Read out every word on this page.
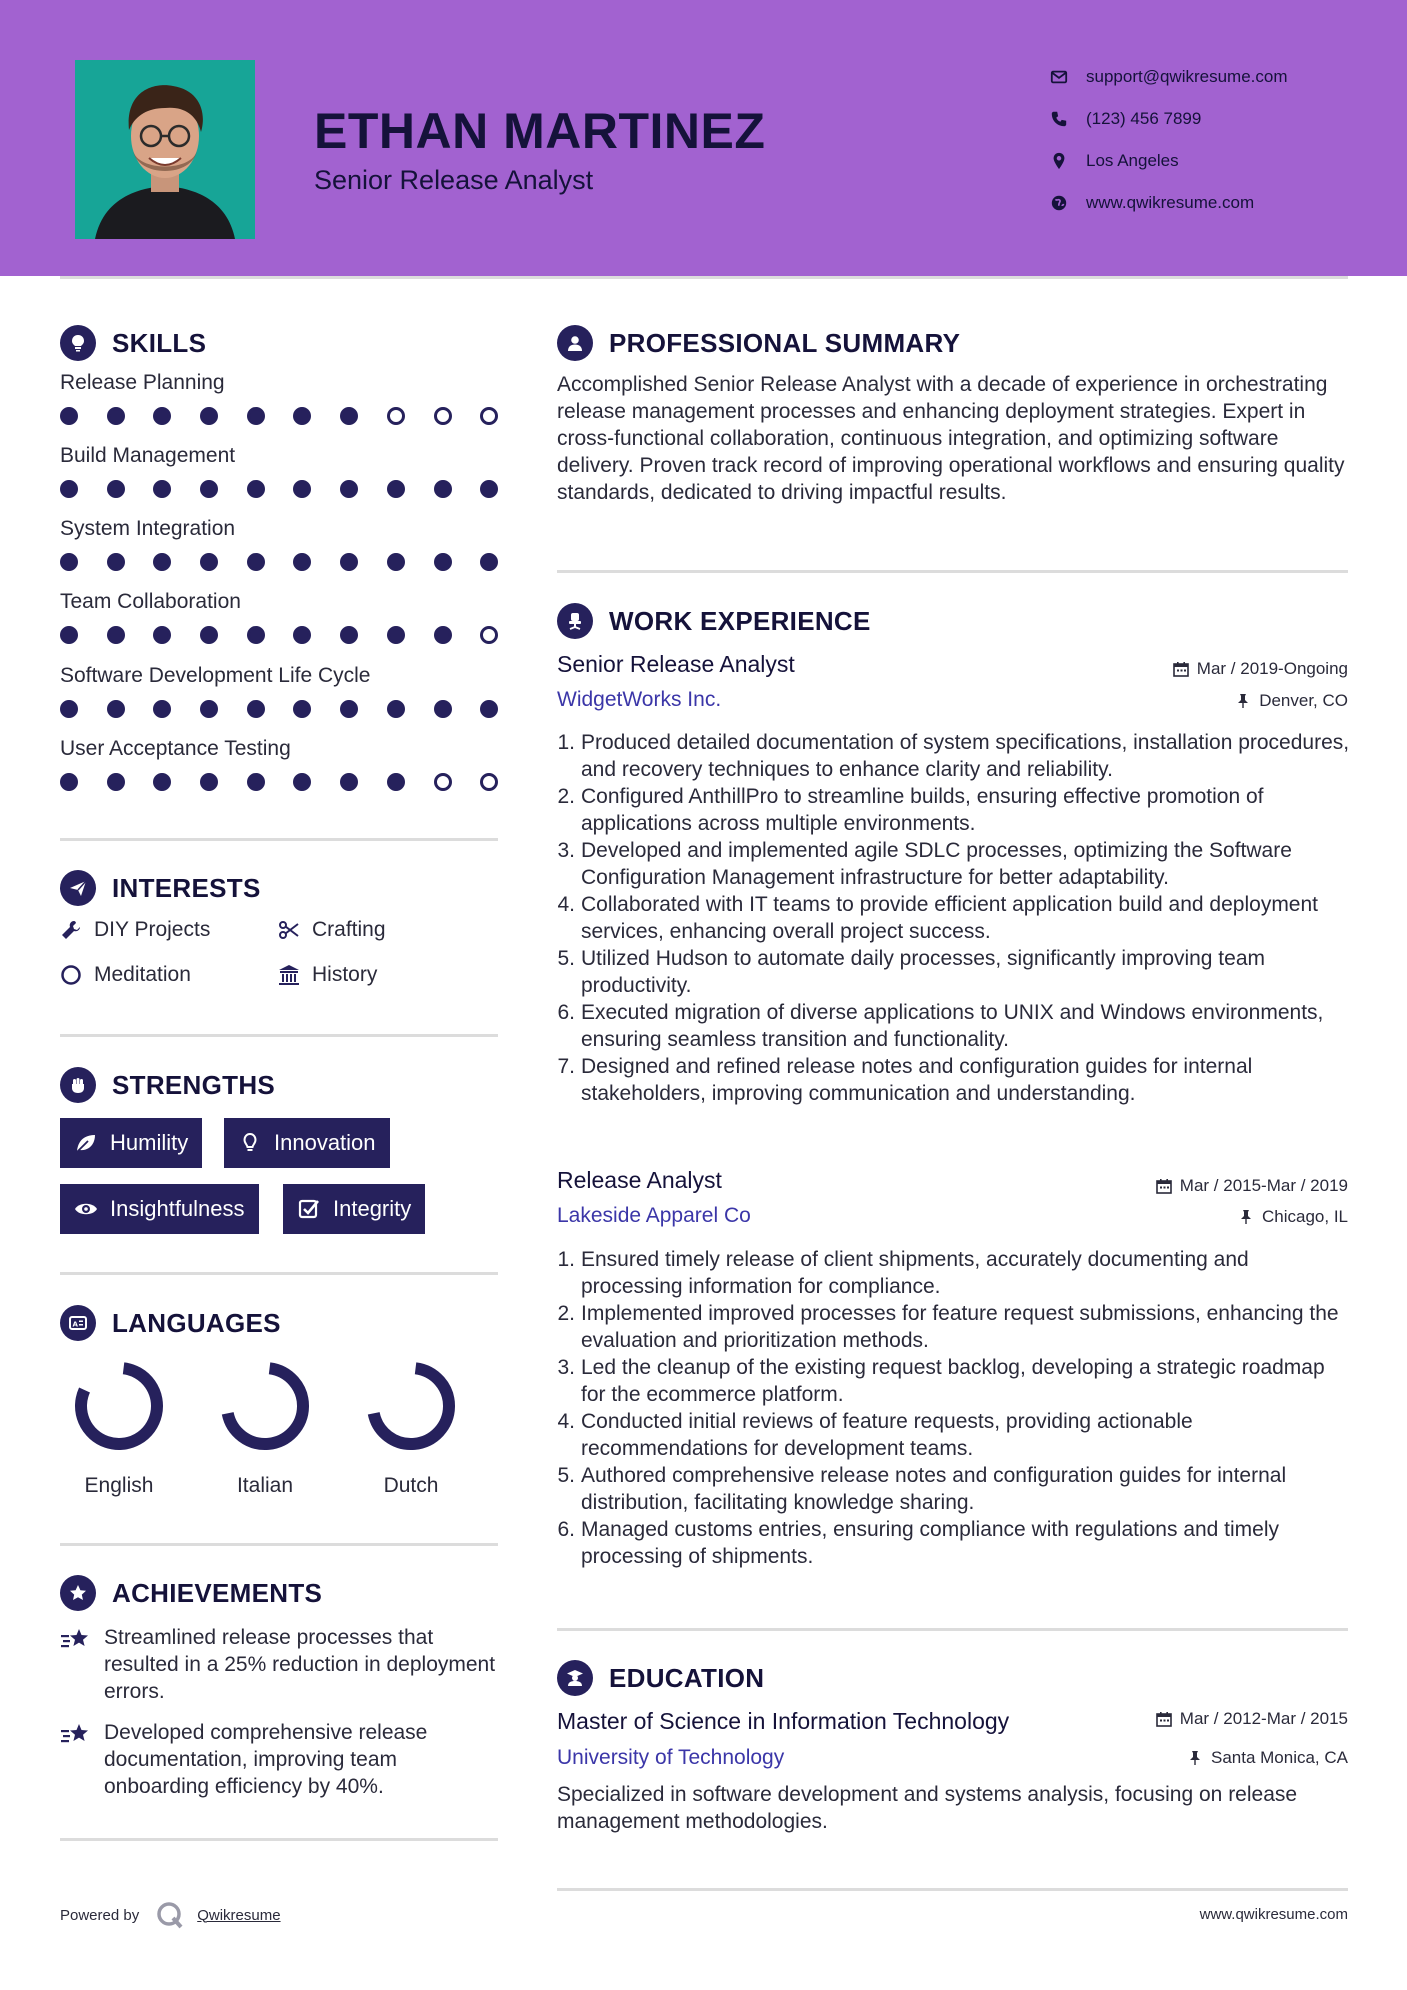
ETHAN MARTINEZ
Senior Release Analyst
support@qwikresume.com
(123) 456 7899
Los Angeles
www.qwikresume.com
SKILLS
Release Planning
Build Management
System Integration
Team Collaboration
Software Development Life Cycle
User Acceptance Testing
INTERESTS
DIY Projects	Crafting
Meditation	History
STRENGTHS
Humility	Innovation
Insightfulness	Integrity
A LANGUAGES
English	Italian	Dutch
ACHIEVEMENTS
Streamlined release processes that resulted in a 25% reduction in deployment errors.
Developed comprehensive release documentation, improving team onboarding efficiency by 40%.
PROFESSIONAL SUMMARY
Accomplished Senior Release Analyst with a decade of experience in orchestrating release management processes and enhancing deployment strategies. Expert in cross-functional collaboration, continuous integration, and optimizing software delivery. Proven track record of improving operational workflows and ensuring quality standards, dedicated to driving impactful results.
WORK EXPERIENCE
Senior Release Analyst	Mar / 2019-Ongoing
WidgetWorks Inc.	Denver, CO
1. Produced detailed documentation of system specifications, installation procedures, and recovery techniques to enhance clarity and reliability.
2. Configured AnthillPro to streamline builds, ensuring effective promotion of applications across multiple environments.
3. Developed and implemented agile SDLC processes, optimizing the Software Configuration Management infrastructure for better adaptability.
4. Collaborated with IT teams to provide efficient application build and deployment services, enhancing overall project success.
5. Utilized Hudson to automate daily processes, significantly improving team productivity.
6. Executed migration of diverse applications to UNIX and Windows environments, ensuring seamless transition and functionality.
7. Designed and refined release notes and configuration guides for internal stakeholders, improving communication and understanding.
Release Analyst	Mar / 2015-Mar / 2019
Lakeside Apparel Co	Chicago, IL
1. Ensured timely release of client shipments, accurately documenting and processing information for compliance.
2. Implemented improved processes for feature request submissions, enhancing the evaluation and prioritization methods.
3. Led the cleanup of the existing request backlog, developing a strategic roadmap for the ecommerce platform.
4. Conducted initial reviews of feature requests, providing actionable recommendations for development teams.
5. Authored comprehensive release notes and configuration guides for internal distribution, facilitating knowledge sharing.
6. Managed customs entries, ensuring compliance with regulations and timely processing of shipments.
EDUCATION
Master of Science in Information Technology	Mar / 2012-Mar / 2015
University of Technology	Santa Monica, CA
Specialized in software development and systems analysis, focusing on release management methodologies.
Powered by	Qwikresume	www.qwikresume.com
